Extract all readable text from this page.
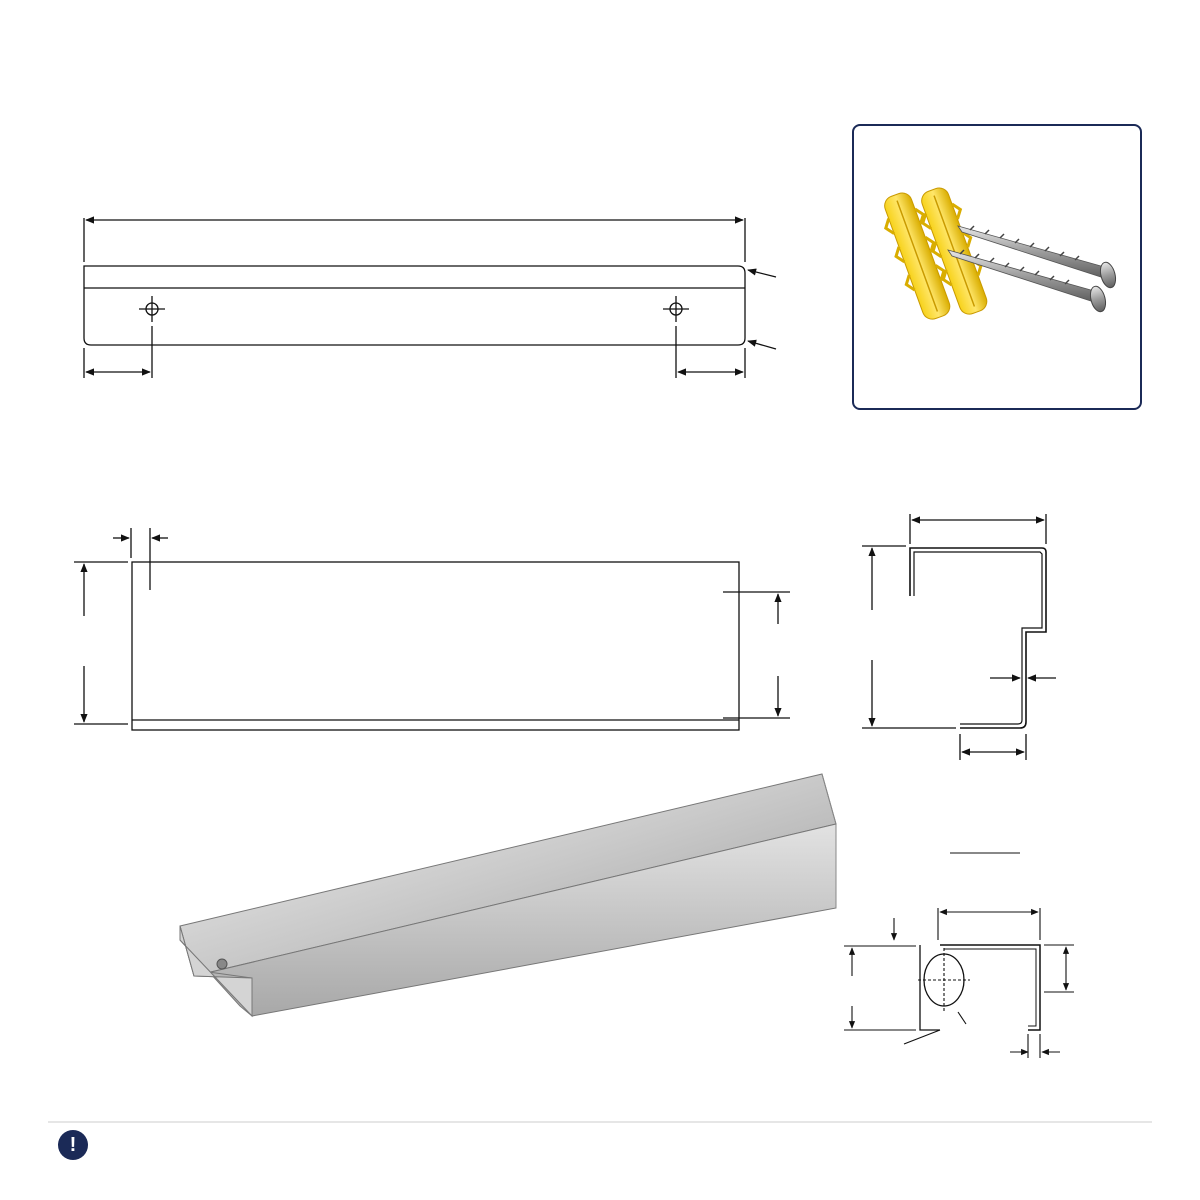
!
